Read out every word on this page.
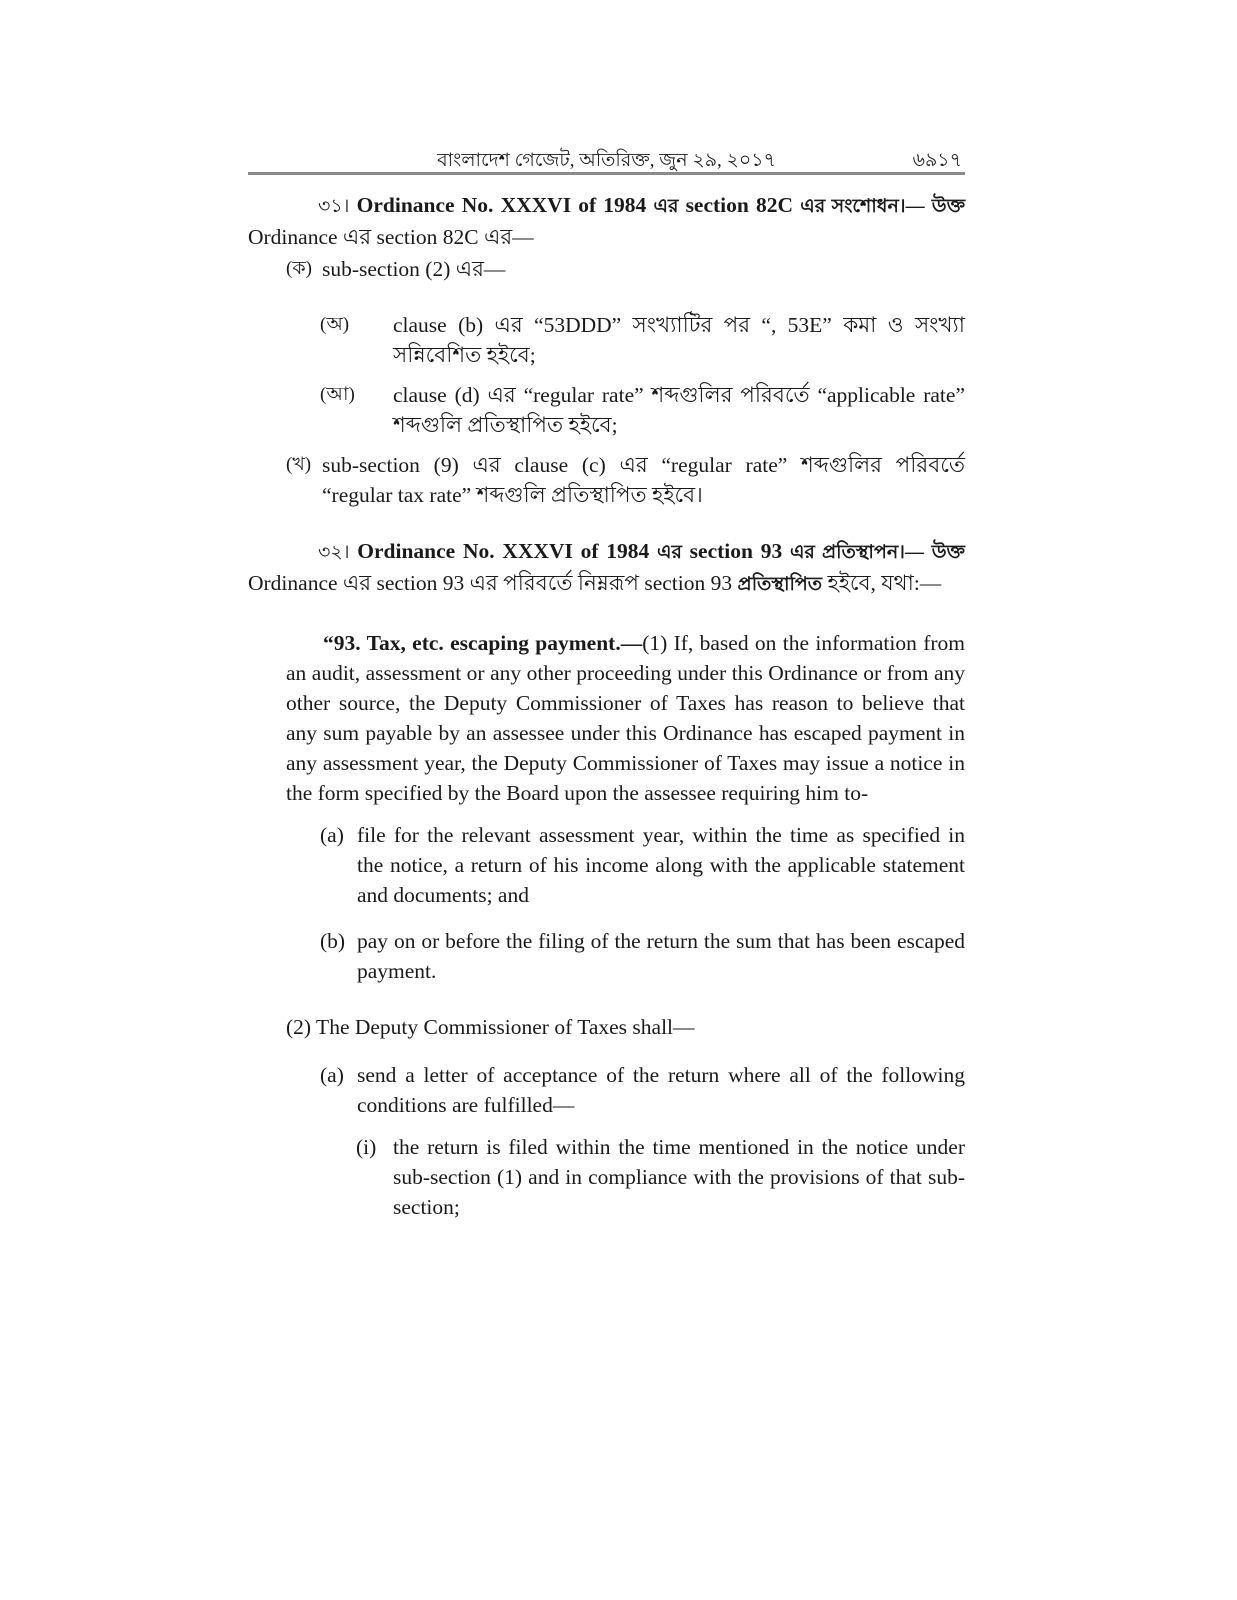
বাংলাদেশ গেজেট, অতিরিক্ত, জুন ২৯, ২০১৭	৬৯১৭

৩১। Ordinance No. XXXVI of 1984 এর section 82C এর সংশোধন।— উক্ত Ordinance এর section 82C এর—

(ক) sub-section (2) এর—
(অ)	clause (b) এর “53DDD” সংখ্যাটির পর “, 53E” কমা ও সংখ্যা সন্নিবেশিত হইবে;
(আ)	clause (d) এর “regular rate” শব্দগুলির পরিবর্তে “applicable rate” শব্দগুলি প্রতিস্থাপিত হইবে;
(খ) sub-section (9) এর clause (c) এর “regular rate” শব্দগুলির পরিবর্তে “regular tax rate” শব্দগুলি প্রতিস্থাপিত হইবে।

৩২। Ordinance No. XXXVI of 1984 এর section 93 এর প্রতিস্থাপন।— উক্ত Ordinance এর section 93 এর পরিবর্তে নিম্নরূপ section 93 প্রতিস্থাপিত হইবে, যথা:—

“93. Tax, etc. escaping payment.—(1) If, based on the information from an audit, assessment or any other proceeding under this Ordinance or from any other source, the Deputy Commissioner of Taxes has reason to believe that any sum payable by an assessee under this Ordinance has escaped payment in any assessment year, the Deputy Commissioner of Taxes may issue a notice in the form specified by the Board upon the assessee requiring him to-

(a) file for the relevant assessment year, within the time as specified in the notice, a return of his income along with the applicable statement and documents; and
(b) pay on or before the filing of the return the sum that has been escaped payment.

(2) The Deputy Commissioner of Taxes shall—

(a) send a letter of acceptance of the return where all of the following conditions are fulfilled—
(i) the return is filed within the time mentioned in the notice under sub-section (1) and in compliance with the provisions of that sub-section;
